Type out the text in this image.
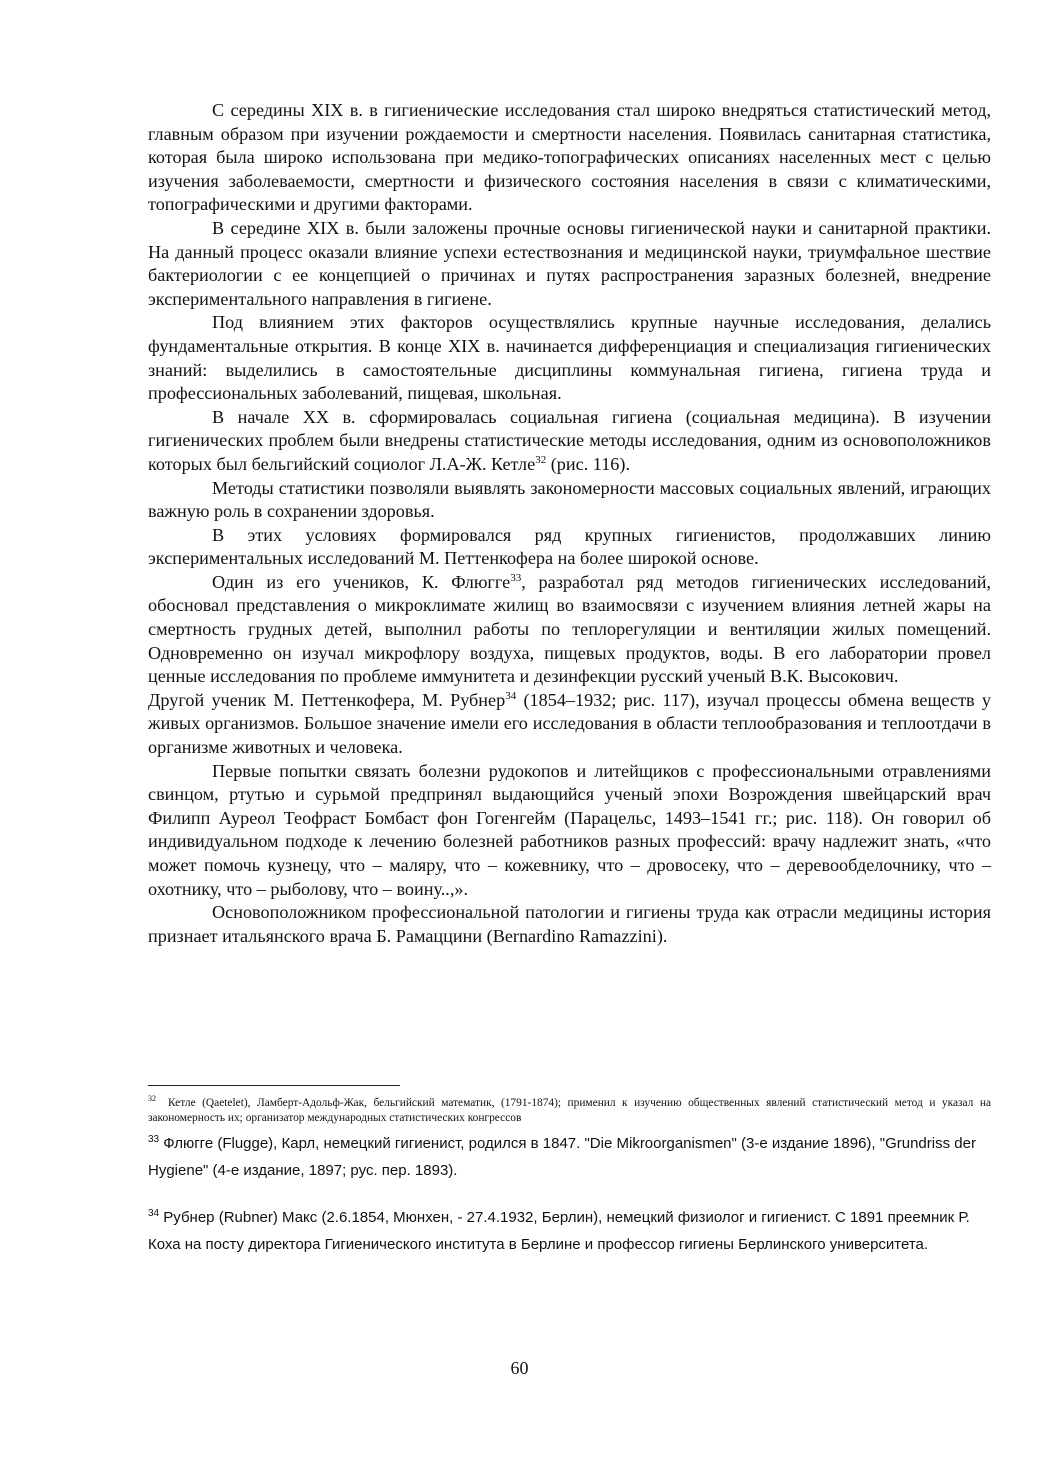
С середины XIX в. в гигиенические исследования стал широко внедряться статистический метод, главным образом при изучении рождаемости и смертности населения. Появилась санитарная статистика, которая была широко использована при медико-топографических описаниях населенных мест с целью изучения заболеваемости, смертности и физического состояния населения в связи с климатическими, топографическими и другими факторами.

В середине XIX в. были заложены прочные основы гигиенической науки и санитарной практики. На данный процесс оказали влияние успехи естествознания и медицинской науки, триумфальное шествие бактериологии с ее концепцией о причинах и путях распространения заразных болезней, внедрение экспериментального направления в гигиене.

Под влиянием этих факторов осуществлялись крупные научные исследования, делались фундаментальные открытия. В конце XIX в. начинается дифференциация и специализация гигиенических знаний: выделились в самостоятельные дисциплины коммунальная гигиена, гигиена труда и профессиональных заболеваний, пищевая, школьная.

В начале XX в. сформировалась социальная гигиена (социальная медицина). В изучении гигиенических проблем были внедрены статистические методы исследования, одним из основоположников которых был бельгийский социолог Л.А-Ж. Кетле$^{32}$ (рис. 116).

Методы статистики позволяли выявлять закономерности массовых социальных явлений, играющих важную роль в сохранении здоровья.

В этих условиях формировался ряд крупных гигиенистов, продолжавших линию экспериментальных исследований М. Петтенкофера на более широкой основе.

Один из его учеников, К. Флюгге$^{33}$, разработал ряд методов гигиенических исследований, обосновал представления о микроклимате жилищ во взаимосвязи с изучением влияния летней жары на смертность грудных детей, выполнил работы по теплорегуляции и вентиляции жилых помещений. Одновременно он изучал микрофлору воздуха, пищевых продуктов, воды. В его лаборатории провел ценные исследования по проблеме иммунитета и дезинфекции русский ученый В.К. Высокович.

Другой ученик М. Петтенкофера, М. Рубнер$^{34}$ (1854–1932; рис. 117), изучал процессы обмена веществ у живых организмов. Большое значение имели его исследования в области теплообразования и теплоотдачи в организме животных и человека.

Первые попытки связать болезни рудокопов и литейщиков с профессиональными отравлениями свинцом, ртутью и сурьмой предпринял выдающийся ученый эпохи Возрождения швейцарский врач Филипп Ауреол Теофраст Бомбаст фон Гогенгейм (Парацельс, 1493–1541 гг.; рис. 118). Он говорил об индивидуальном подходе к лечению болезней работников разных профессий: врачу надлежит знать, «что может помочь кузнецу, что – маляру, что – кожевнику, что – дровосеку, что – деревообделочнику, что – охотнику, что – рыболову, что – воину..,».

Основоположником профессиональной патологии и гигиены труда как отрасли медицины история признает итальянского врача Б. Рамаццини (Bernardino Ramazzini).

$^{32}$ Кетле (Qaetelet), Ламберт-Адольф-Жак, бельгийский математик, (1791-1874); применил к изучению общественных явлений статистический метод и указал на закономерность их; организатор международных статистических конгрессов
$^{33}$ Флюгге (Flugge), Карл, немецкий гигиенист, родился в 1847. "Die Mikroorganismen" (3-е издание 1896), "Grundriss der Hygiene" (4-е издание, 1897; рус. пер. 1893).
$^{34}$ Рубнер (Rubner) Макс (2.6.1854, Мюнхен, - 27.4.1932, Берлин), немецкий физиолог и гигиенист. С 1891 преемник Р. Коха на посту директора Гигиенического института в Берлине и профессор гигиены Берлинского университета.
60
